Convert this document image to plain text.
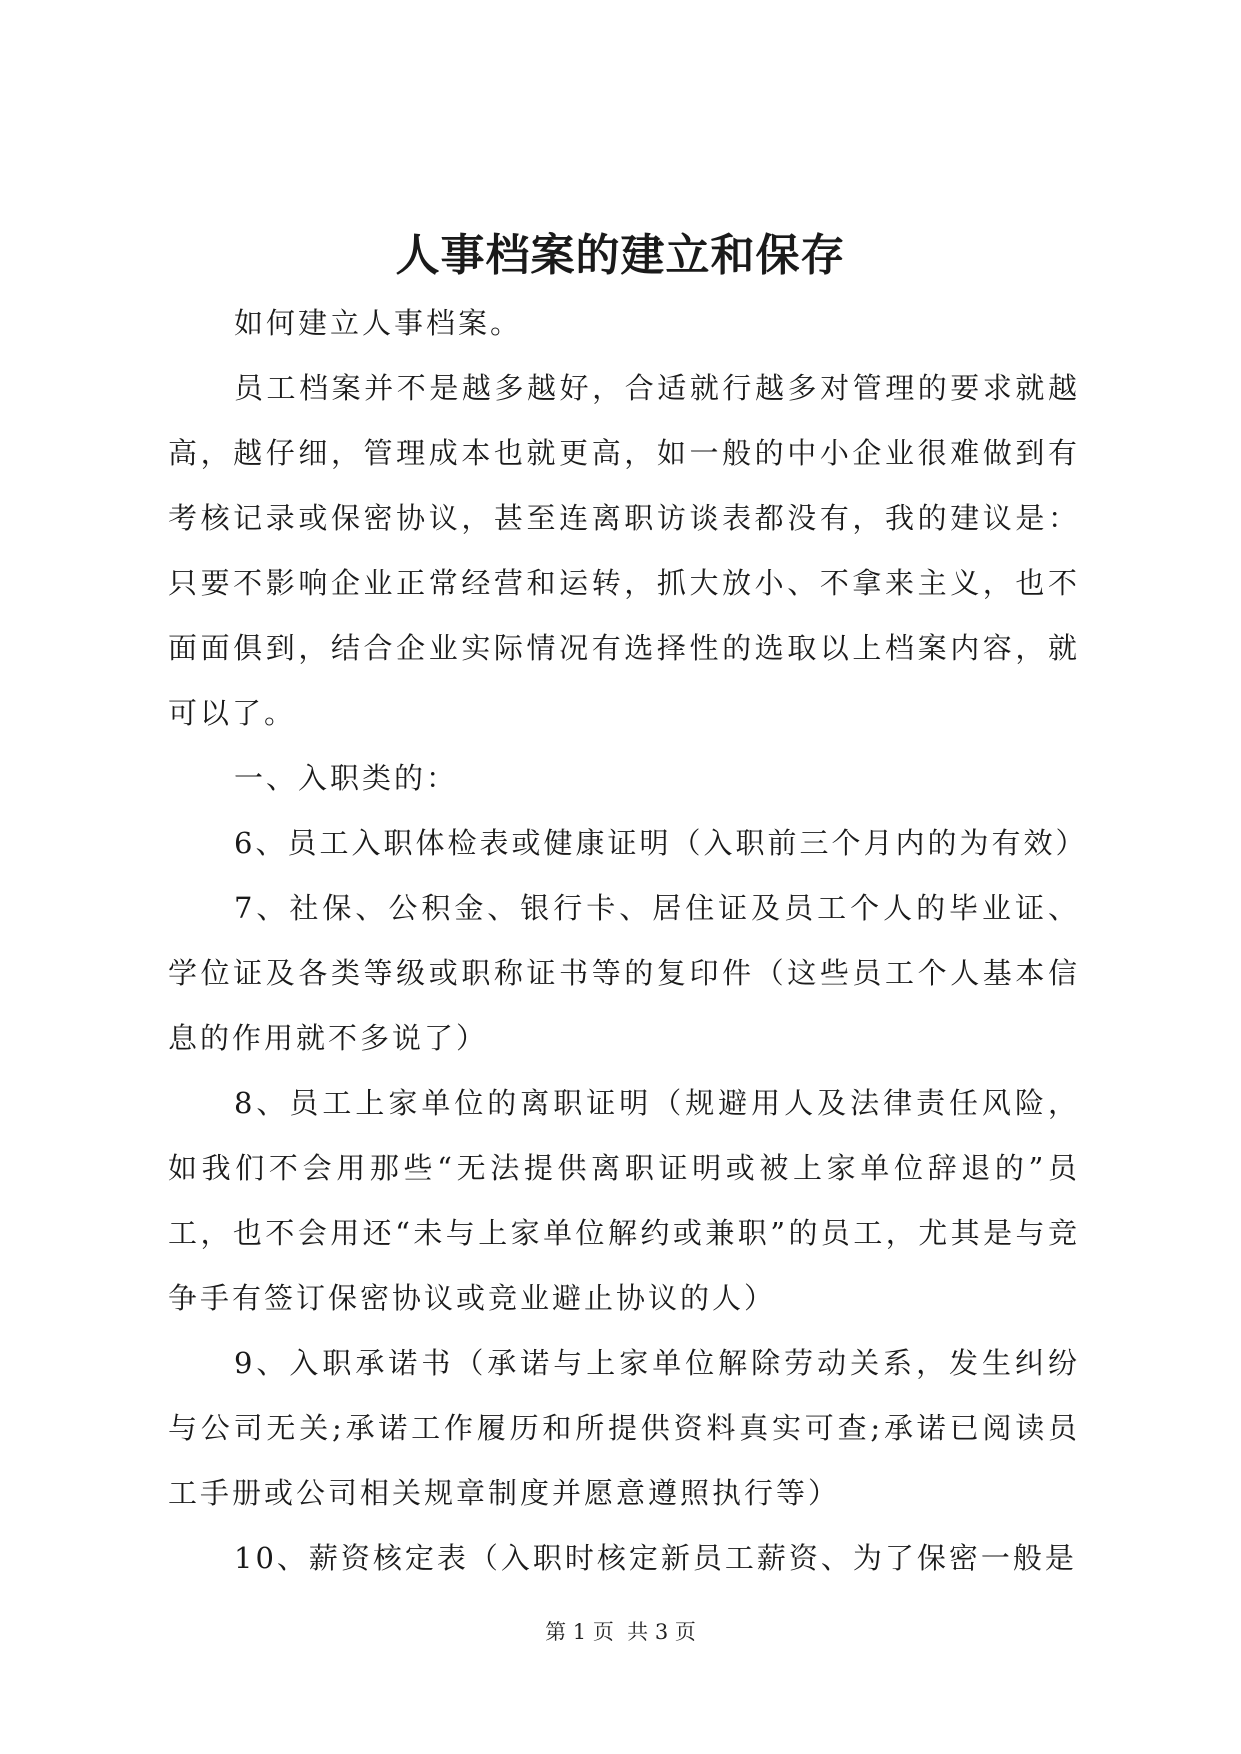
人事档案的建立和保存

如何建立人事档案。

员工档案并不是越多越好，合适就行越多对管理的要求就越高，越仔细，管理成本也就更高，如一般的中小企业很难做到有考核记录或保密协议，甚至连离职访谈表都没有，我的建议是：只要不影响企业正常经营和运转，抓大放小、不拿来主义，也不面面俱到，结合企业实际情况有选择性的选取以上档案内容，就可以了。

一、入职类的：

6、员工入职体检表或健康证明（入职前三个月内的为有效）

7、社保、公积金、银行卡、居住证及员工个人的毕业证、学位证及各类等级或职称证书等的复印件（这些员工个人基本信息的作用就不多说了）

8、员工上家单位的离职证明（规避用人及法律责任风险，如我们不会用那些“无法提供离职证明或被上家单位辞退的”员工，也不会用还“未与上家单位解约或兼职”的员工，尤其是与竞争手有签订保密协议或竞业避止协议的人）

9、入职承诺书（承诺与上家单位解除劳动关系，发生纠纷与公司无关;承诺工作履历和所提供资料真实可查;承诺已阅读员工手册或公司相关规章制度并愿意遵照执行等）

10、薪资核定表（入职时核定新员工薪资、为了保密一般是

第 1 页  共 3 页
